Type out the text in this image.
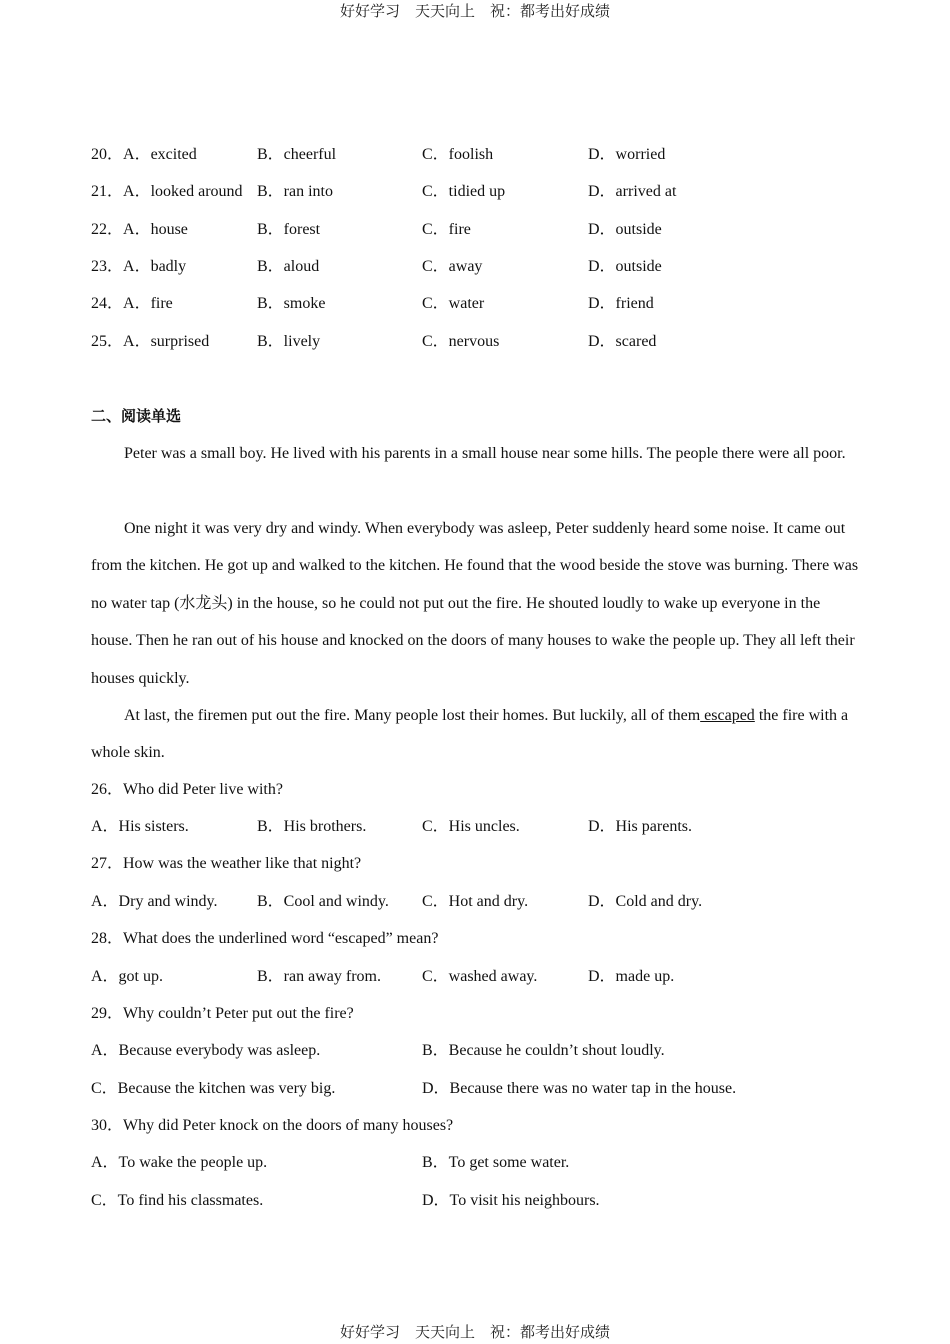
好好学习　天天向上　祝：都考出好成绩
20．A．excited	B．cheerful	C．foolish	D．worried
21．A．looked around B．ran into	C．tidied up	D．arrived at
22．A．house	B．forest	C．fire	D．outside
23．A．badly	B．aloud	C．away	D．outside
24．A．fire	B．smoke	C．water	D．friend
25．A．surprised	B．lively	C．nervous	D．scared
二、阅读单选
Peter was a small boy. He lived with his parents in a small house near some hills. The people there were all poor.
One night it was very dry and windy. When everybody was asleep, Peter suddenly heard some noise. It came out from the kitchen. He got up and walked to the kitchen. He found that the wood beside the stove was burning. There was no water tap (水龙头) in the house, so he could not put out the fire. He shouted loudly to wake up everyone in the house. Then he ran out of his house and knocked on the doors of many houses to wake the people up. They all left their houses quickly.
At last, the firemen put out the fire. Many people lost their homes. But luckily, all of them escaped the fire with a whole skin.
26．Who did Peter live with?
A．His sisters.	B．His brothers.	C．His uncles.	D．His parents.
27．How was the weather like that night?
A．Dry and windy. B．Cool and windy. C．Hot and dry.	D．Cold and dry.
28．What does the underlined word “escaped” mean?
A．got up.	B．ran away from.	C．washed away.	D．made up.
29．Why couldn’t Peter put out the fire?
A．Because everybody was asleep.	B．Because he couldn’t shout loudly.
C．Because the kitchen was very big.	D．Because there was no water tap in the house.
30．Why did Peter knock on the doors of many houses?
A．To wake the people up.	B．To get some water.
C．To find his classmates.	D．To visit his neighbours.
好好学习　天天向上　祝：都考出好成绩
